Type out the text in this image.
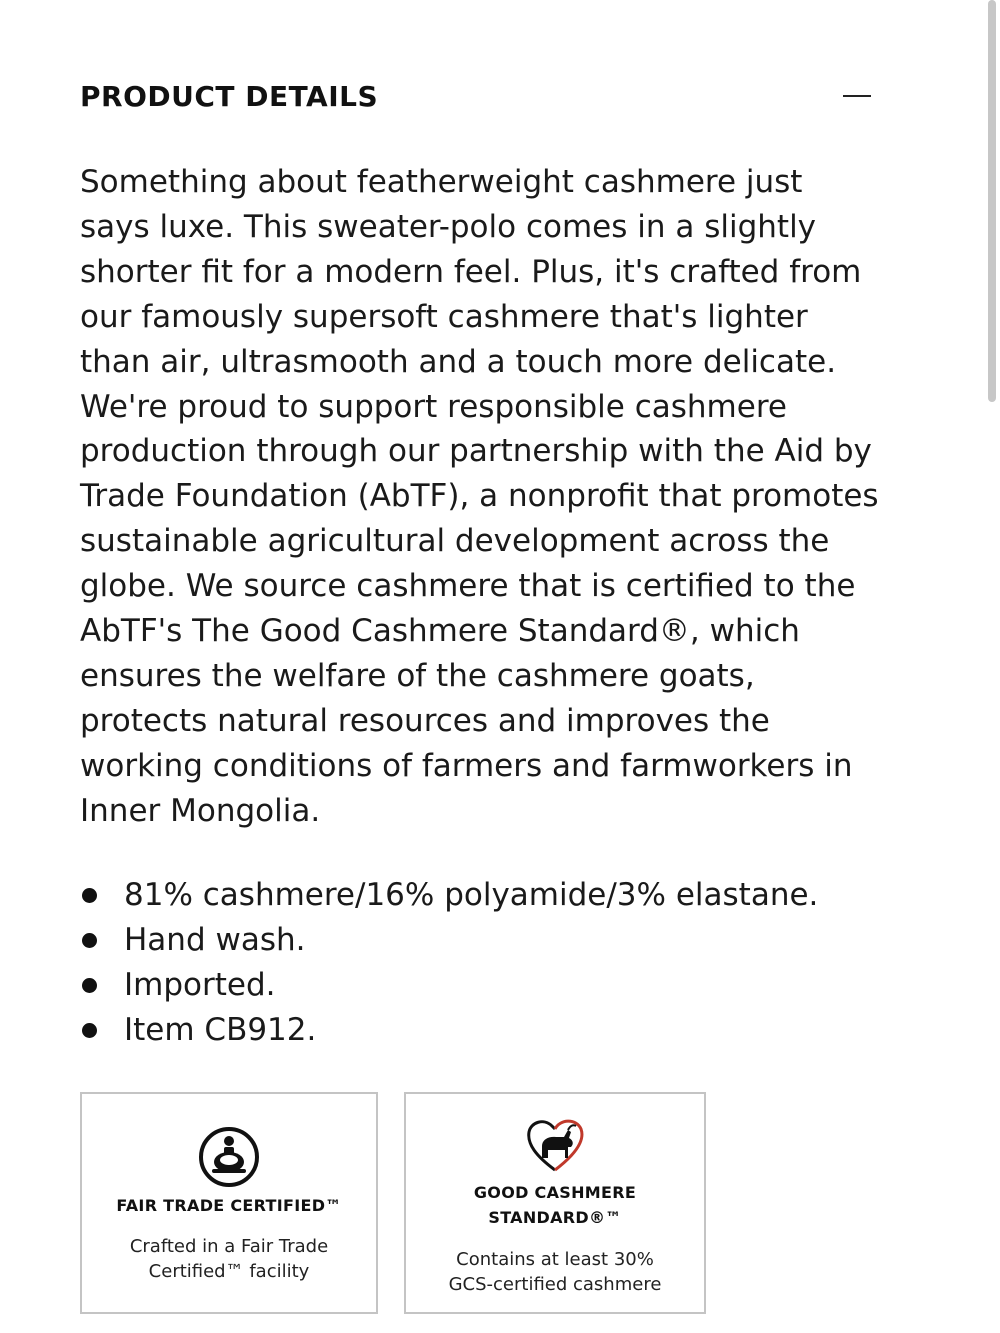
PRODUCT DETAILS

Something about featherweight cashmere just says luxe. This sweater-polo comes in a slightly shorter fit for a modern feel. Plus, it's crafted from our famously supersoft cashmere that's lighter than air, ultrasmooth and a touch more delicate. We're proud to support responsible cashmere production through our partnership with the Aid by Trade Foundation (AbTF), a nonprofit that promotes sustainable agricultural development across the globe. We source cashmere that is certified to the AbTF's The Good Cashmere Standard®, which ensures the welfare of the cashmere goats, protects natural resources and improves the working conditions of farmers and farmworkers in Inner Mongolia.

81% cashmere/16% polyamide/3% elastane.
Hand wash.
Imported.
Item CB912.
FAIR TRADE CERTIFIED™
Crafted in a Fair Trade Certified™ facility
GOOD CASHMERE STANDARD®™
Contains at least 30% GCS-certified cashmere
